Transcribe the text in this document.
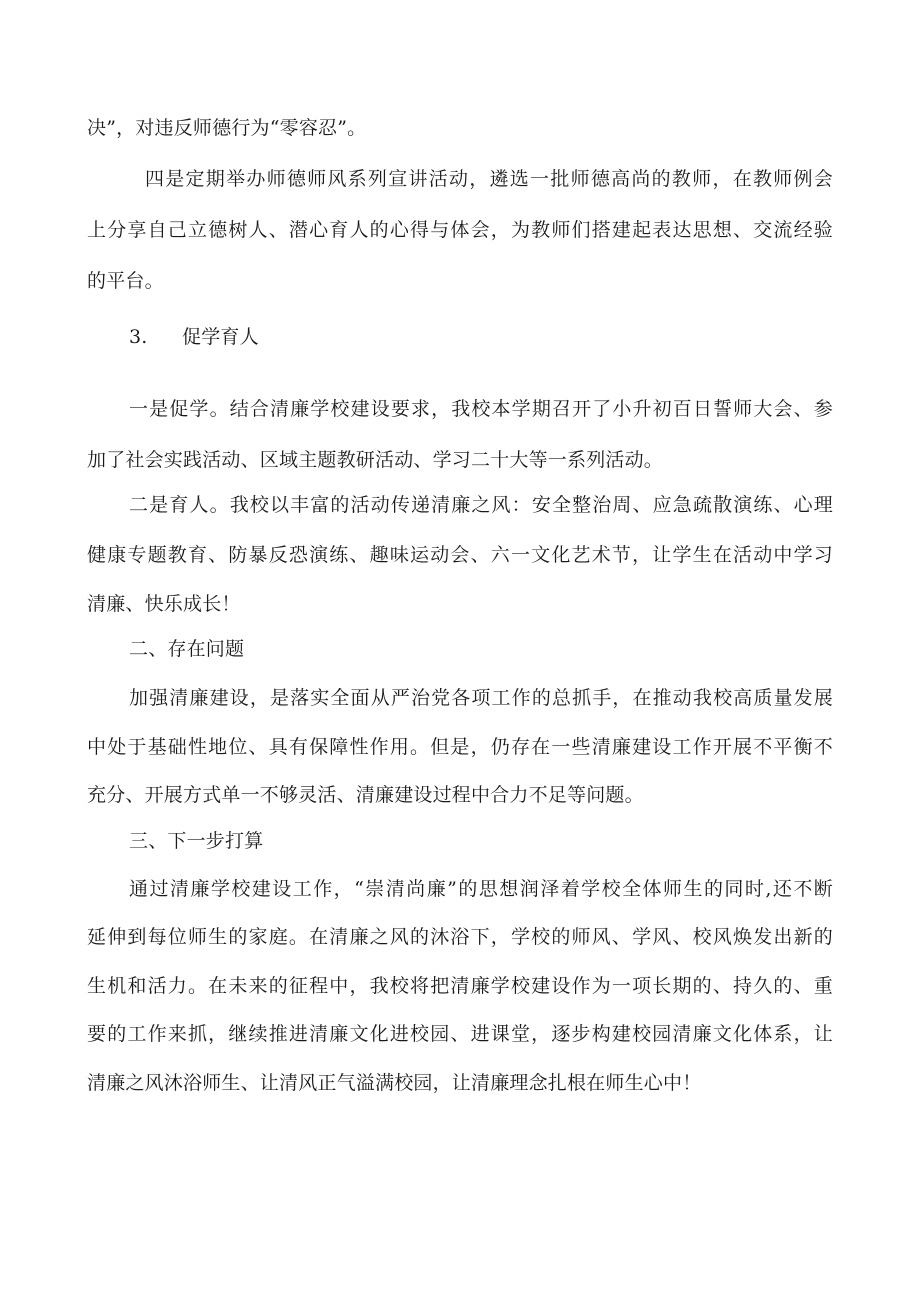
决”，对违反师德行为“零容忍”。
四是定期举办师德师风系列宣讲活动，遴选一批师德高尚的教师，在教师例会
上分享自己立德树人、潜心育人的心得与体会，为教师们搭建起表达思想、交流经验
的平台。
3.	促学育人
一是促学。结合清廉学校建设要求，我校本学期召开了小升初百日誓师大会、参
加了社会实践活动、区域主题教研活动、学习二十大等一系列活动。
二是育人。我校以丰富的活动传递清廉之风：安全整治周、应急疏散演练、心理
健康专题教育、防暴反恐演练、趣味运动会、六一文化艺术节，让学生在活动中学习
清廉、快乐成长！
二、存在问题
加强清廉建设，是落实全面从严治党各项工作的总抓手，在推动我校高质量发展
中处于基础性地位、具有保障性作用。但是，仍存在一些清廉建设工作开展不平衡不
充分、开展方式单一不够灵活、清廉建设过程中合力不足等问题。
三、下一步打算
通过清廉学校建设工作，“崇清尚廉”的思想润泽着学校全体师生的同时,还不断
延伸到每位师生的家庭。在清廉之风的沐浴下，学校的师风、学风、校风焕发出新的
生机和活力。在未来的征程中，我校将把清廉学校建设作为一项长期的、持久的、重
要的工作来抓，继续推进清廉文化进校园、进课堂，逐步构建校园清廉文化体系，让
清廉之风沐浴师生、让清风正气溢满校园，让清廉理念扎根在师生心中！
